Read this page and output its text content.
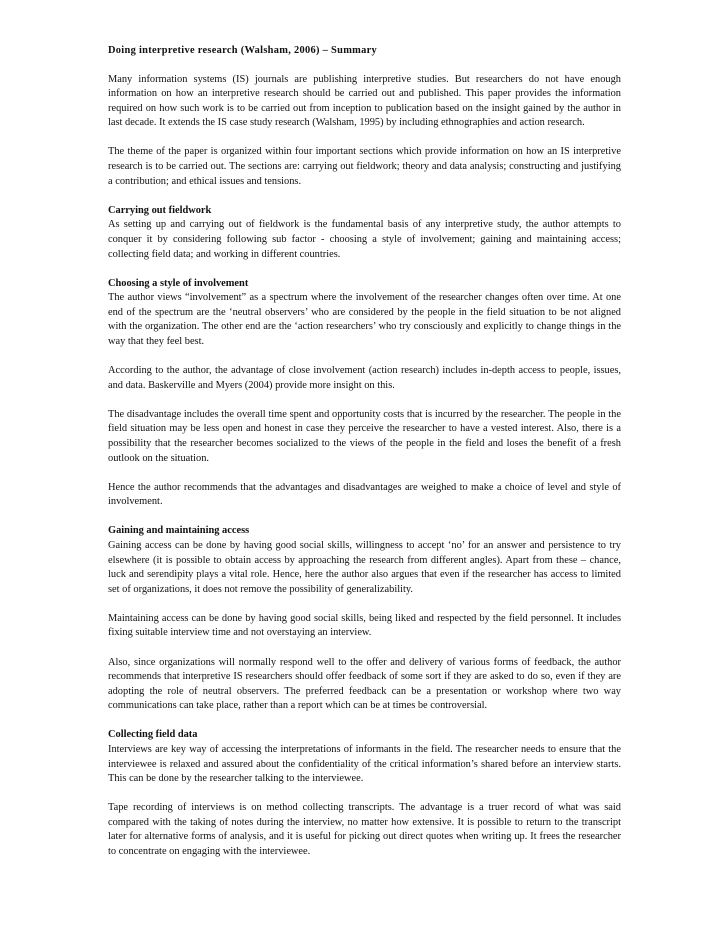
Doing interpretive research (Walsham, 2006) – Summary

Many information systems (IS) journals are publishing interpretive studies. But researchers do not have enough information on how an interpretive research should be carried out and published. This paper provides the information required on how such work is to be carried out from inception to publication based on the insight gained by the author in last decade. It extends the IS case study research (Walsham, 1995) by including ethnographies and action research.

The theme of the paper is organized within four important sections which provide information on how an IS interpretive research is to be carried out. The sections are: carrying out fieldwork; theory and data analysis; constructing and justifying a contribution; and ethical issues and tensions.

Carrying out fieldwork

As setting up and carrying out of fieldwork is the fundamental basis of any interpretive study, the author attempts to conquer it by considering following sub factor - choosing a style of involvement; gaining and maintaining access; collecting field data; and working in different countries.

Choosing a style of involvement

The author views “involvement” as a spectrum where the involvement of the researcher changes often over time. At one end of the spectrum are the ‘neutral observers’ who are considered by the people in the field situation to be not aligned with the organization. The other end are the ‘action researchers’ who try consciously and explicitly to change things in the way that they feel best.

According to the author, the advantage of close involvement (action research) includes in-depth access to people, issues, and data. Baskerville and Myers (2004) provide more insight on this.

The disadvantage includes the overall time spent and opportunity costs that is incurred by the researcher. The people in the field situation may be less open and honest in case they perceive the researcher to have a vested interest. Also, there is a possibility that the researcher becomes socialized to the views of the people in the field and loses the benefit of a fresh outlook on the situation.

Hence the author recommends that the advantages and disadvantages are weighed to make a choice of level and style of involvement.

Gaining and maintaining access

Gaining access can be done by having good social skills, willingness to accept ‘no’ for an answer and persistence to try elsewhere (it is possible to obtain access by approaching the research from different angles). Apart from these – chance, luck and serendipity plays a vital role. Hence, here the author also argues that even if the researcher has access to limited set of organizations, it does not remove the possibility of generalizability.

Maintaining access can be done by having good social skills, being liked and respected by the field personnel. It includes fixing suitable interview time and not overstaying an interview.

Also, since organizations will normally respond well to the offer and delivery of various forms of feedback, the author recommends that interpretive IS researchers should offer feedback of some sort if they are asked to do so, even if they are adopting the role of neutral observers. The preferred feedback can be a presentation or workshop where two way communications can take place, rather than a report which can be at times be controversial.

Collecting field data

Interviews are key way of accessing the interpretations of informants in the field. The researcher needs to ensure that the interviewee is relaxed and assured about the confidentiality of the critical information’s shared before an interview starts. This can be done by the researcher talking to the interviewee.

Tape recording of interviews is on method collecting transcripts. The advantage is a truer record of what was said compared with the taking of notes during the interview, no matter how extensive. It is possible to return to the transcript later for alternative forms of analysis, and it is useful for picking out direct quotes when writing up. It frees the researcher to concentrate on engaging with the interviewee.
